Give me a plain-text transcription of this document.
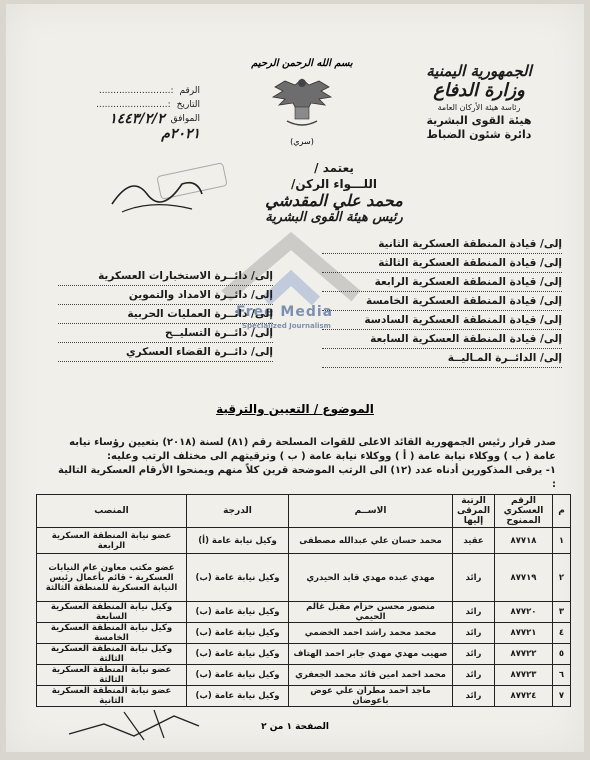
الجمهورية اليمنية
وزارة الدفاع
رئاسة هيئة الأركان العامة
هيئة القوى البشرية
دائرة شئون الضباط
بسم الله الرحمن الرحيم
(سري)
الرقم
:.........................
التاريخ
:.........................
الموافق
١٤٤٣/٢/٢
٢٠٢١م
يعتمد /
اللـــواء الركن/
محمد علي المقدشي
رئيس هيئة القوى البشرية
Free Media
Specialized Journalism
إلى/ قيادة المنطقة العسكرية الثانية
إلى/ قيادة المنطقة العسكرية الثالثة
إلى/ قيادة المنطقة العسكرية الرابعة
إلى/ قيادة المنطقة العسكرية الخامسة
إلى/ قيادة المنطقة العسكرية السادسة
إلى/ قيادة المنطقة العسكرية السابعة
إلى/ الدائــرة المـاليــة
إلى/ دائــرة الاستخبارات العسكرية
إلى/ دائــرة الامداد والتموين
إلى/ دائــرة العمليات الحربية
إلى/ دائــرة التسليــح
إلى/ دائــرة القضاء العسكري
الموضوع / التعيين والترقية
صدر قرار رئيس الجمهورية القائد الاعلى للقوات المسلحة رقم (٨١) لسنة (٢٠١٨) بتعيين رؤساء نيابه عامة ( ب ) ووكلاء نيابة عامة ( أ ) ووكلاء نيابة عامة ( ب ) وترقيتهم الى مختلف الرتب وعليه:
١- يرقى المذكورين أدناه عدد (١٢) الى الرتب الموضحة قرين كلاً منهم ويمنحوا الأرقام العسكرية التالية :
م	الرقم العسكري الممنوح	الرتبة المرقى إليها	الاســم	الدرجة	المنصب
١	٨٧٧١٨	عقيد	محمد حسان علي عبدالله مصطفى	وكيل نيابة عامة (أ)	عضو نيابة المنطقة العسكرية الرابعة
٢	٨٧٧١٩	رائد	مهدي عبده مهدي قايد الحيدري	وكيل نيابة عامة (ب)	عضو مكتب معاون عام النيابات العسكرية - قائم بأعمال رئيس النيابة العسكرية للمنطقة الثالثة
٣	٨٧٧٢٠	رائد	منصور محسن حزام مقبل غالم الحيمي	وكيل نيابة عامة (ب)	وكيل نيابة المنطقة العسكرية السابعة
٤	٨٧٧٢١	رائد	محمد محمد راشد احمد الخضمي	وكيل نيابة عامة (ب)	وكيل نيابة المنطقة العسكرية الخامسة
٥	٨٧٧٢٢	رائد	صهيب مهدي مهدي جابر احمد الهتاف	وكيل نيابة عامة (ب)	وكيل نيابة المنطقة العسكرية الثالثة
٦	٨٧٧٢٣	رائد	محمد احمد امين قائد محمد الجعفري	وكيل نيابة عامة (ب)	عضو نيابة المنطقة العسكرية الثالثة
٧	٨٧٧٢٤	رائد	ماجد احمد مطران علي عوض باعوضان	وكيل نيابة عامة (ب)	عضو نيابة المنطقة العسكرية الثانية
الصفحة ١ من ٢
